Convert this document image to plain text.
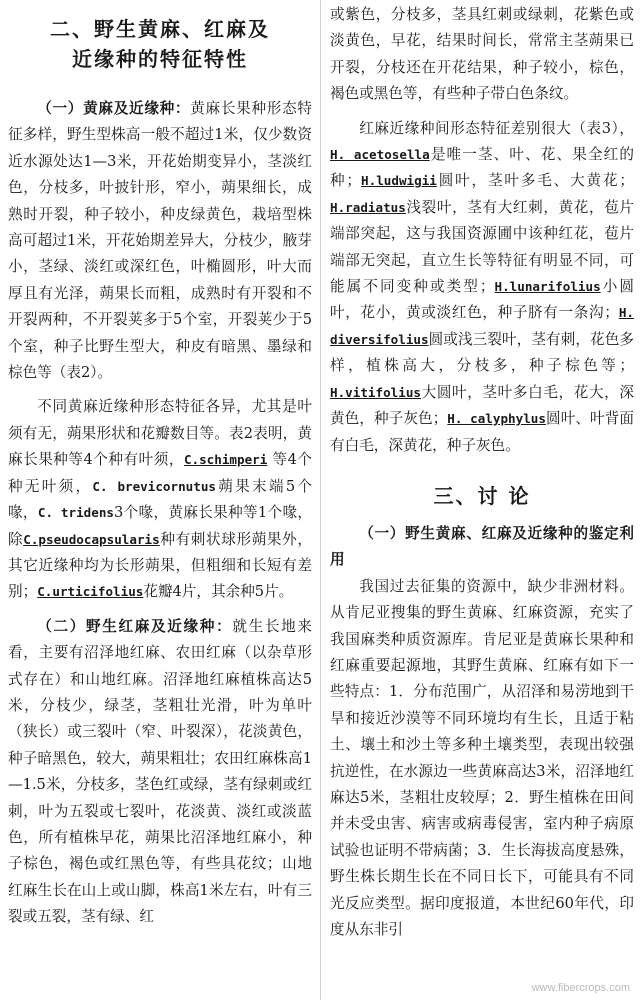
二、野生黄麻、红麻及
近缘种的特征特性

（一）黄麻及近缘种：黄麻长果种形态特征多样，野生型株高一般不超过1米，仅少数资近水源处达1—3米，开花始期变异小，茎淡红色，分枝多，叶披针形，窄小，蒴果细长，成熟时开裂，种子较小，种皮绿黄色，栽培型株高可超过1米，开花始期差异大，分枝少，腋芽小，茎绿、淡红或深红色，叶椭圆形，叶大而厚且有光泽，蒴果长而粗，成熟时有开裂和不开裂两种，不开裂荚多于5个室，开裂荚少于5个室，种子比野生型大，种皮有暗黑、墨绿和棕色等（表2）。

不同黄麻近缘种形态特征各异，尤其是叶须有无，蒴果形状和花瓣数目等。表2表明，黄麻长果种等4个种有叶须，C.schimperi 等4个种无叶须，C. brevicornutus蒴果末端5个喙，C. tridens3个喙，黄麻长果种等1个喙，除C.pseudocapsularis种有刺状球形蒴果外，其它近缘种均为长形蒴果，但粗细和长短有差别；C.urticifolius花瓣4片，其余种5片。

（二）野生红麻及近缘种：就生长地来看，主要有沼泽地红麻、农田红麻（以杂草形式存在）和山地红麻。沼泽地红麻植株高达5米，分枝少，绿茎，茎粗壮光滑，叶为单叶（狭长）或三裂叶（窄、叶裂深），花淡黄色，种子暗黑色，较大，蒴果粗壮；农田红麻株高1—1.5米，分枝多，茎色红或绿，茎有绿刺或红刺，叶为五裂或七裂叶，花淡黄、淡红或淡蓝色，所有植株早花，蒴果比沼泽地红麻小，种子棕色，褐色或红黑色等，有些具花纹；山地红麻生长在山上或山脚，株高1米左右，叶有三裂或五裂，茎有绿、红

或紫色，分枝多，茎具红刺或绿刺，花紫色或淡黄色，早花，结果时间长，常常主茎蒴果已开裂，分枝还在开花结果，种子较小，棕色，褐色或黑色等，有些种子带白色条纹。

红麻近缘种间形态特征差别很大（表3），H. acetosella是唯一茎、叶、花、果全红的种；H.ludwigii圆叶，茎叶多毛、大黄花；H.radiatus浅裂叶，茎有大红刺，黄花，苞片端部突起，这与我国资源圃中该种红花，苞片端部无突起，直立生长等特征有明显不同，可能属不同变种或类型；H.lunarifolius小圆叶，花小，黄或淡红色，种子脐有一条沟；H. diversifolius圆或浅三裂叶，茎有刺，花色多样，植株高大，分枝多，种子棕色等；H.vitifolius大圆叶，茎叶多白毛，花大，深黄色，种子灰色；H. calyphylus圆叶、叶背面有白毛，深黄花，种子灰色。

三、讨 论

（一）野生黄麻、红麻及近缘种的鉴定利用

我国过去征集的资源中，缺少非洲材料。从肯尼亚搜集的野生黄麻、红麻资源，充实了我国麻类种质资源库。肯尼亚是黄麻长果种和红麻重要起源地，其野生黄麻、红麻有如下一些特点：1．分布范围广，从沼泽和易涝地到干旱和接近沙漠等不同环境均有生长，且适于粘土、壤土和沙土等多种土壤类型，表现出较强抗逆性，在水源边一些黄麻高达3米，沼泽地红麻达5米，茎粗壮皮较厚；2．野生植株在田间并未受虫害、病害或病毒侵害，室内种子病原试验也证明不带病菌；3．生长海拔高度悬殊，野生株长期生长在不同日长下，可能具有不同光反应类型。据印度报道，本世纪60年代，印度从东非引

www.fibercrops.com
